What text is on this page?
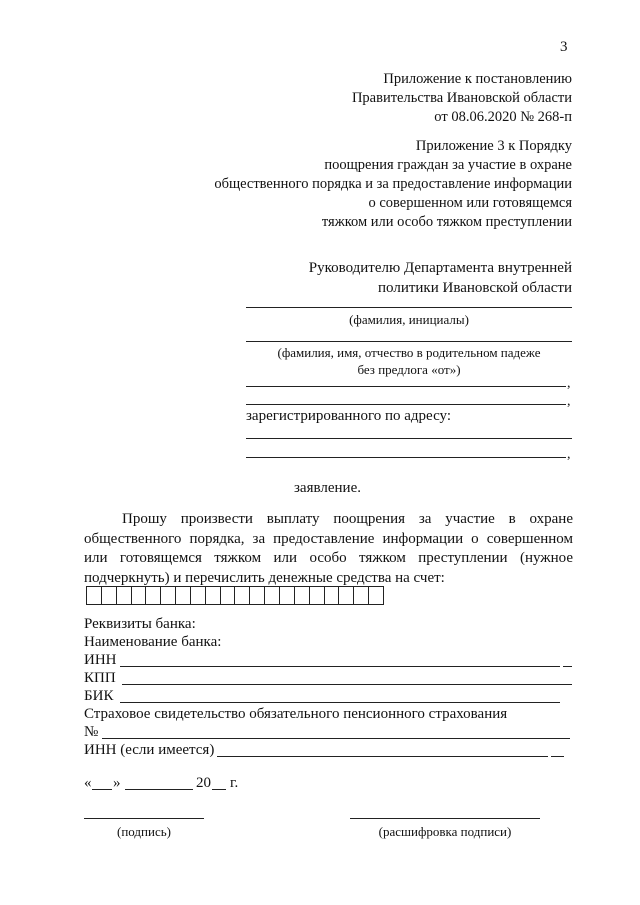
3
Приложение к постановлению
Правительства Ивановской области
от 08.06.2020 № 268-п
Приложение 3 к Порядку
поощрения граждан за участие в охране
общественного порядка и за предоставление информации
о совершенном или готовящемся
тяжком или особо тяжком преступлении
Руководителю Департамента внутренней
политики Ивановской области
(фамилия, инициалы)
(фамилия, имя, отчество в родительном падеже
без предлога «от»)
,
,
зарегистрированного по адресу:
,
заявление.
Прошу произвести выплату поощрения за участие в охране общественного порядка, за предоставление информации о совершенном или готовящемся тяжком или особо тяжком преступлении (нужное подчеркнуть) и перечислить денежные средства на счет:
Реквизиты банка:
Наименование банка:
ИНН
КПП
БИК
Страховое свидетельство обязательного пенсионного страхования
№
ИНН (если имеется)
« »	20 г.
(подпись)	(расшифровка подписи)
